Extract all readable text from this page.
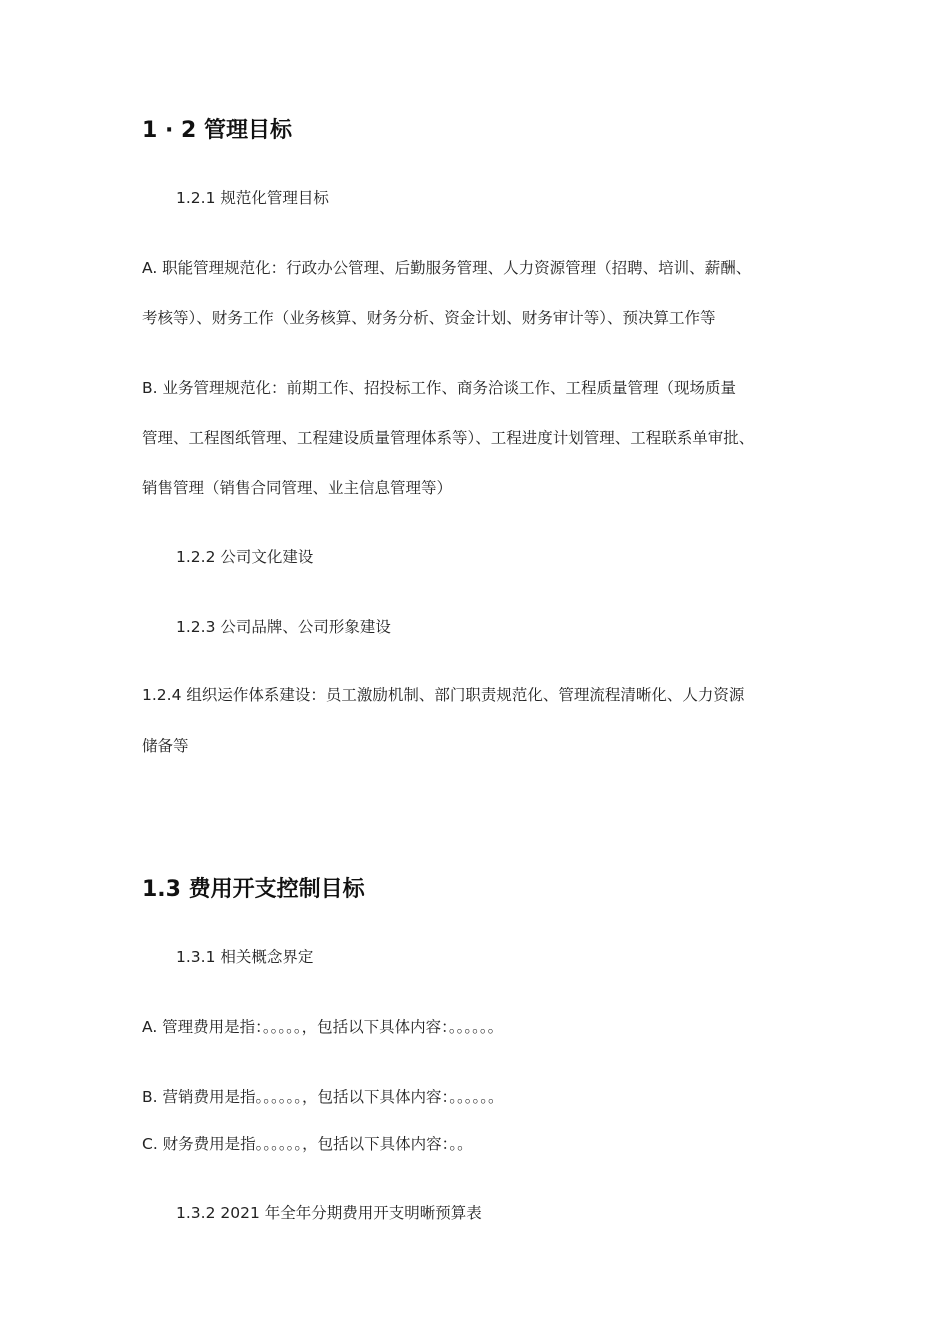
1 · 2 管理目标

1.2.1 规范化管理目标

A. 职能管理规范化：行政办公管理、后勤服务管理、人力资源管理（招聘、培训、薪酬、

考核等）、财务工作（业务核算、财务分析、资金计划、财务审计等）、预决算工作等

B. 业务管理规范化：前期工作、招投标工作、商务洽谈工作、工程质量管理（现场质量

管理、工程图纸管理、工程建设质量管理体系等）、工程进度计划管理、工程联系单审批、

销售管理（销售合同管理、业主信息管理等）

1.2.2 公司文化建设

1.2.3 公司品牌、公司形象建设

1.2.4 组织运作体系建设：员工激励机制、部门职责规范化、管理流程清晰化、人力资源

储备等

1.3 费用开支控制目标

1.3.1 相关概念界定

A. 管理费用是指：。。。。。，包括以下具体内容：。。。。。。

B. 营销费用是指。。。。。。，包括以下具体内容：。。。。。。

C. 财务费用是指。。。。。。，包括以下具体内容：。。

1.3.2 2021 年全年分期费用开支明晰预算表
